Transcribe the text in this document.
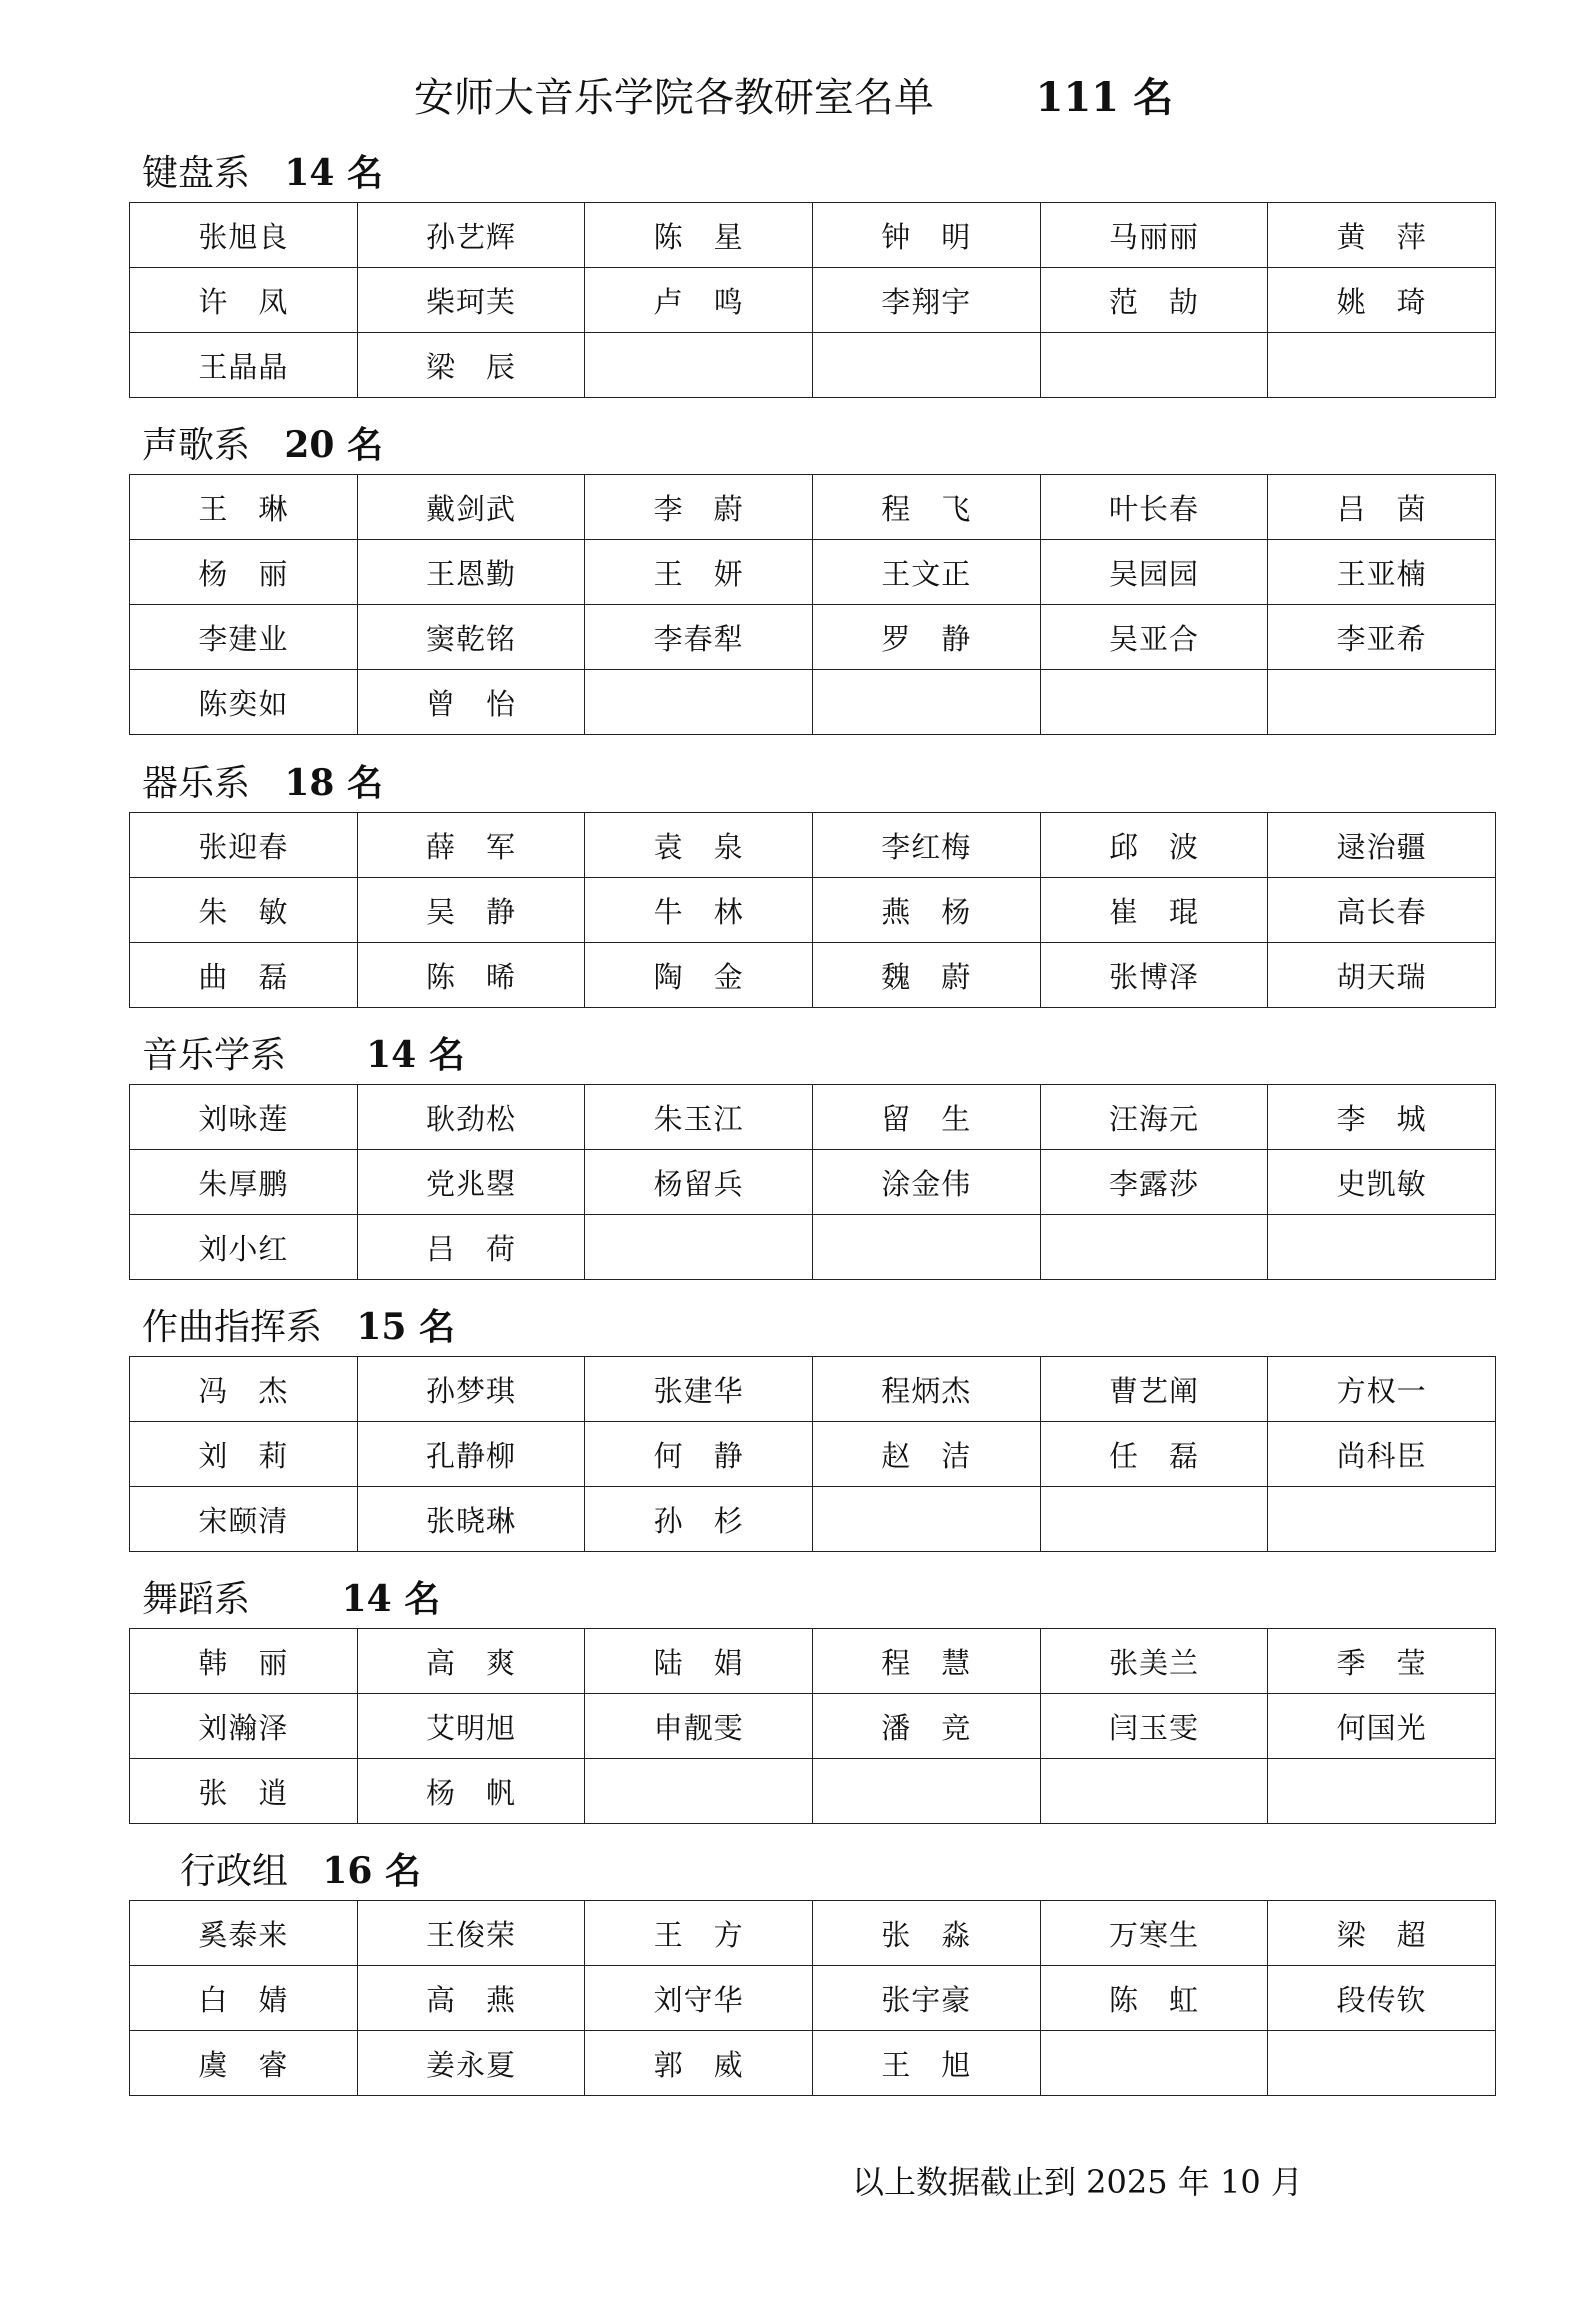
安师大音乐学院各教研室名单	111 名
键盘系 14 名
张旭良	孙艺辉	陈　星	钟　明	马丽丽	黄　萍
许　凤	柴珂芙	卢　鸣	李翔宇	范　劼	姚　琦
王晶晶	梁　辰				
声歌系 20 名
王　琳	戴剑武	李　蔚	程　飞	叶长春	吕　茵
杨　丽	王恩勤	王　妍	王文正	吴园园	王亚楠
李建业	窦乾铭	李春犁	罗　静	吴亚合	李亚希
陈奕如	曾　怡				
器乐系 18 名
张迎春	薛　军	袁　泉	李红梅	邱　波	逯治疆
朱　敏	吴　静	牛　林	燕　杨	崔　琨	高长春
曲　磊	陈　晞	陶　金	魏　蔚	张博泽	胡天瑞
音乐学系 14 名
刘咏莲	耿劲松	朱玉江	留　生	汪海元	李　城
朱厚鹏	党兆曌	杨留兵	涂金伟	李露莎	史凯敏
刘小红	吕　荷				
作曲指挥系 15 名
冯　杰	孙梦琪	张建华	程炳杰	曹艺阐	方权一
刘　莉	孔静柳	何　静	赵　洁	任　磊	尚科臣
宋颐清	张晓琳	孙　杉			
舞蹈系	14 名
韩　丽	高　爽	陆　娟	程　慧	张美兰	季　莹
刘瀚泽	艾明旭	申靓雯	潘　竞	闫玉雯	何国光
张　逍	杨　帆				
行政组 16 名
奚泰来	王俊荣	王　方	张　淼	万寒生	梁　超
白　婧	高　燕	刘守华	张宇豪	陈　虹	段传钦
虞　睿	姜永夏	郭　威	王　旭		
以上数据截止到 2025 年 10 月
